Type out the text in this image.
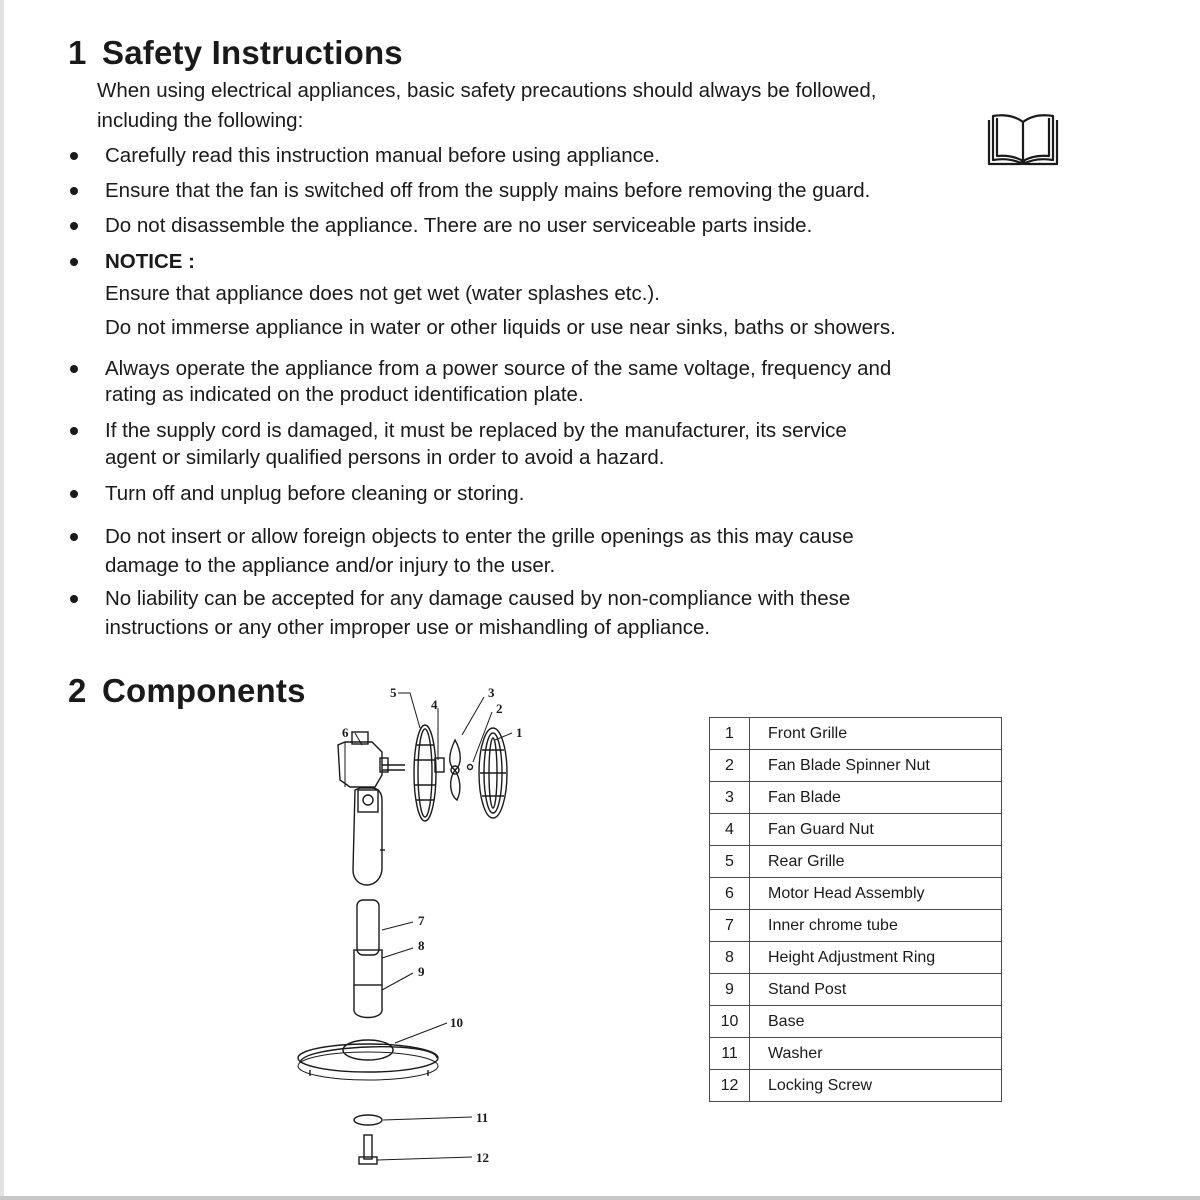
1 Safety Instructions

When using electrical appliances, basic safety precautions should always be followed,
including the following:

Carefully read this instruction manual before using appliance.
Ensure that the fan is switched off from the supply mains before removing the guard.
Do not disassemble the appliance. There are no user serviceable parts inside.
NOTICE :
Ensure that appliance does not get wet (water splashes etc.).
Do not immerse appliance in water or other liquids or use near sinks, baths or showers.
Always operate the appliance from a power source of the same voltage, frequency and
rating as indicated on the product identification plate.
If the supply cord is damaged, it must be replaced by the manufacturer, its service
agent or similarly qualified persons in order to avoid a hazard.
Turn off and unplug before cleaning or storing.
Do not insert or allow foreign objects to enter the grille openings as this may cause
damage to the appliance and/or injury to the user.
No liability can be accepted for any damage caused by non-compliance with these
instructions or any other improper use or mishandling of appliance.
2 Components	5
4
3
2
1
6
7
8
9
10
11
12
1	Front Grille
2	Fan Blade Spinner Nut
3	Fan Blade
4	Fan Guard Nut
5	Rear Grille
6	Motor Head Assembly
7	Inner chrome tube
8	Height Adjustment Ring
9	Stand Post
10	Base
11	Washer
12	Locking Screw
